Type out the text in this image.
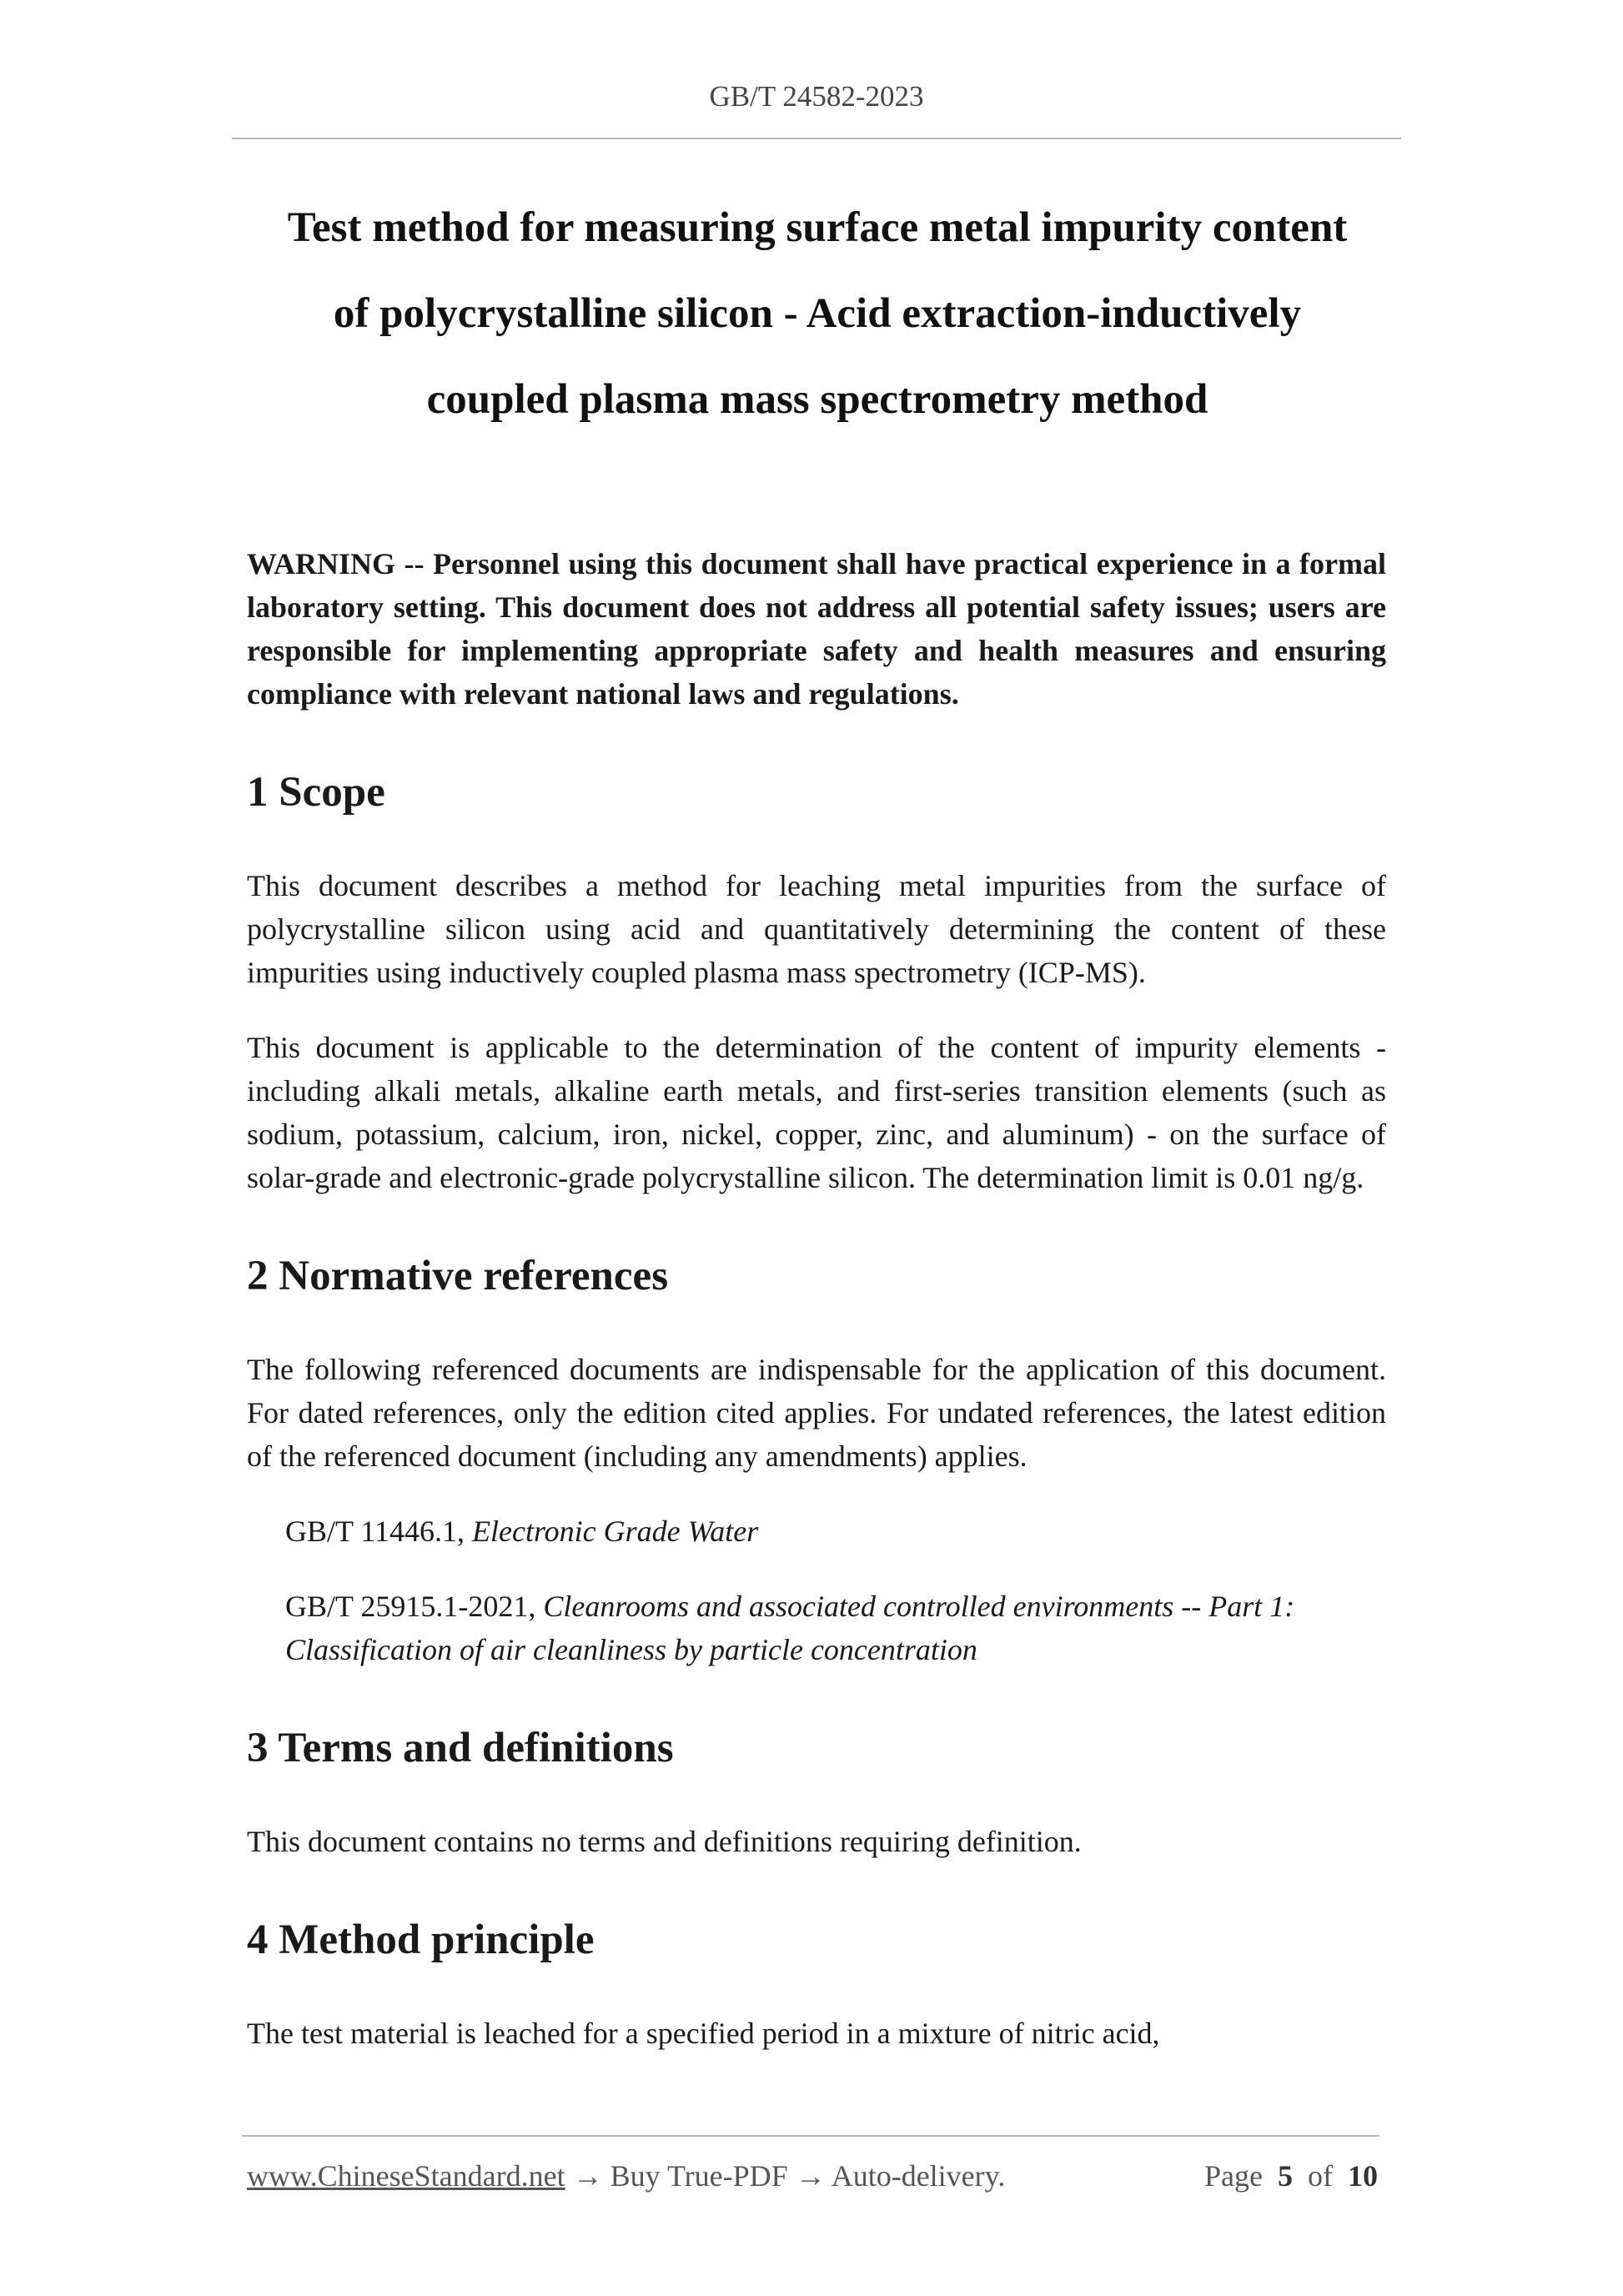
GB/T 24582-2023
Test method for measuring surface metal impurity content
of polycrystalline silicon - Acid extraction-inductively
coupled plasma mass spectrometry method

WARNING -- Personnel using this document shall have practical experience in a formal laboratory setting. This document does not address all potential safety issues; users are responsible for implementing appropriate safety and health measures and ensuring compliance with relevant national laws and regulations.

1 Scope

This document describes a method for leaching metal impurities from the surface of polycrystalline silicon using acid and quantitatively determining the content of these impurities using inductively coupled plasma mass spectrometry (ICP-MS).

This document is applicable to the determination of the content of impurity elements - including alkali metals, alkaline earth metals, and first-series transition elements (such as sodium, potassium, calcium, iron, nickel, copper, zinc, and aluminum) - on the surface of solar-grade and electronic-grade polycrystalline silicon. The determination limit is 0.01 ng/g.

2 Normative references

The following referenced documents are indispensable for the application of this document. For dated references, only the edition cited applies. For undated references, the latest edition of the referenced document (including any amendments) applies.

GB/T 11446.1, Electronic Grade Water

GB/T 25915.1-2021, Cleanrooms and associated controlled environments -- Part 1: Classification of air cleanliness by particle concentration

3 Terms and definitions

This document contains no terms and definitions requiring definition.

4 Method principle

The test material is leached for a specified period in a mixture of nitric acid,

www.ChineseStandard.net → Buy True-PDF → Auto-delivery.	Page 5 of 10
